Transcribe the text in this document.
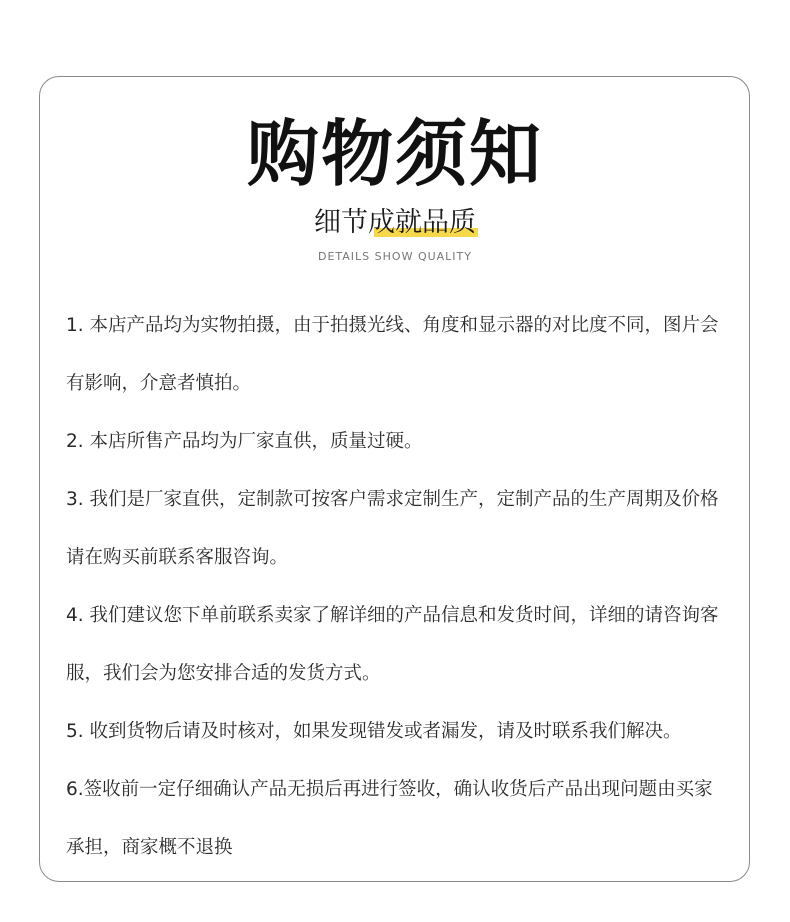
购物须知
细节成就品质
DETAILS SHOW QUALITY

1. 本店产品均为实物拍摄，由于拍摄光线、角度和显示器的对比度不同，图片会有影响，介意者慎拍。

2. 本店所售产品均为厂家直供，质量过硬。

3. 我们是厂家直供，定制款可按客户需求定制生产，定制产品的生产周期及价格请在购买前联系客服咨询。

4. 我们建议您下单前联系卖家了解详细的产品信息和发货时间，详细的请咨询客服，我们会为您安排合适的发货方式。

5. 收到货物后请及时核对，如果发现错发或者漏发，请及时联系我们解决。

6.签收前一定仔细确认产品无损后再进行签收，确认收货后产品出现问题由买家承担，商家概不退换
